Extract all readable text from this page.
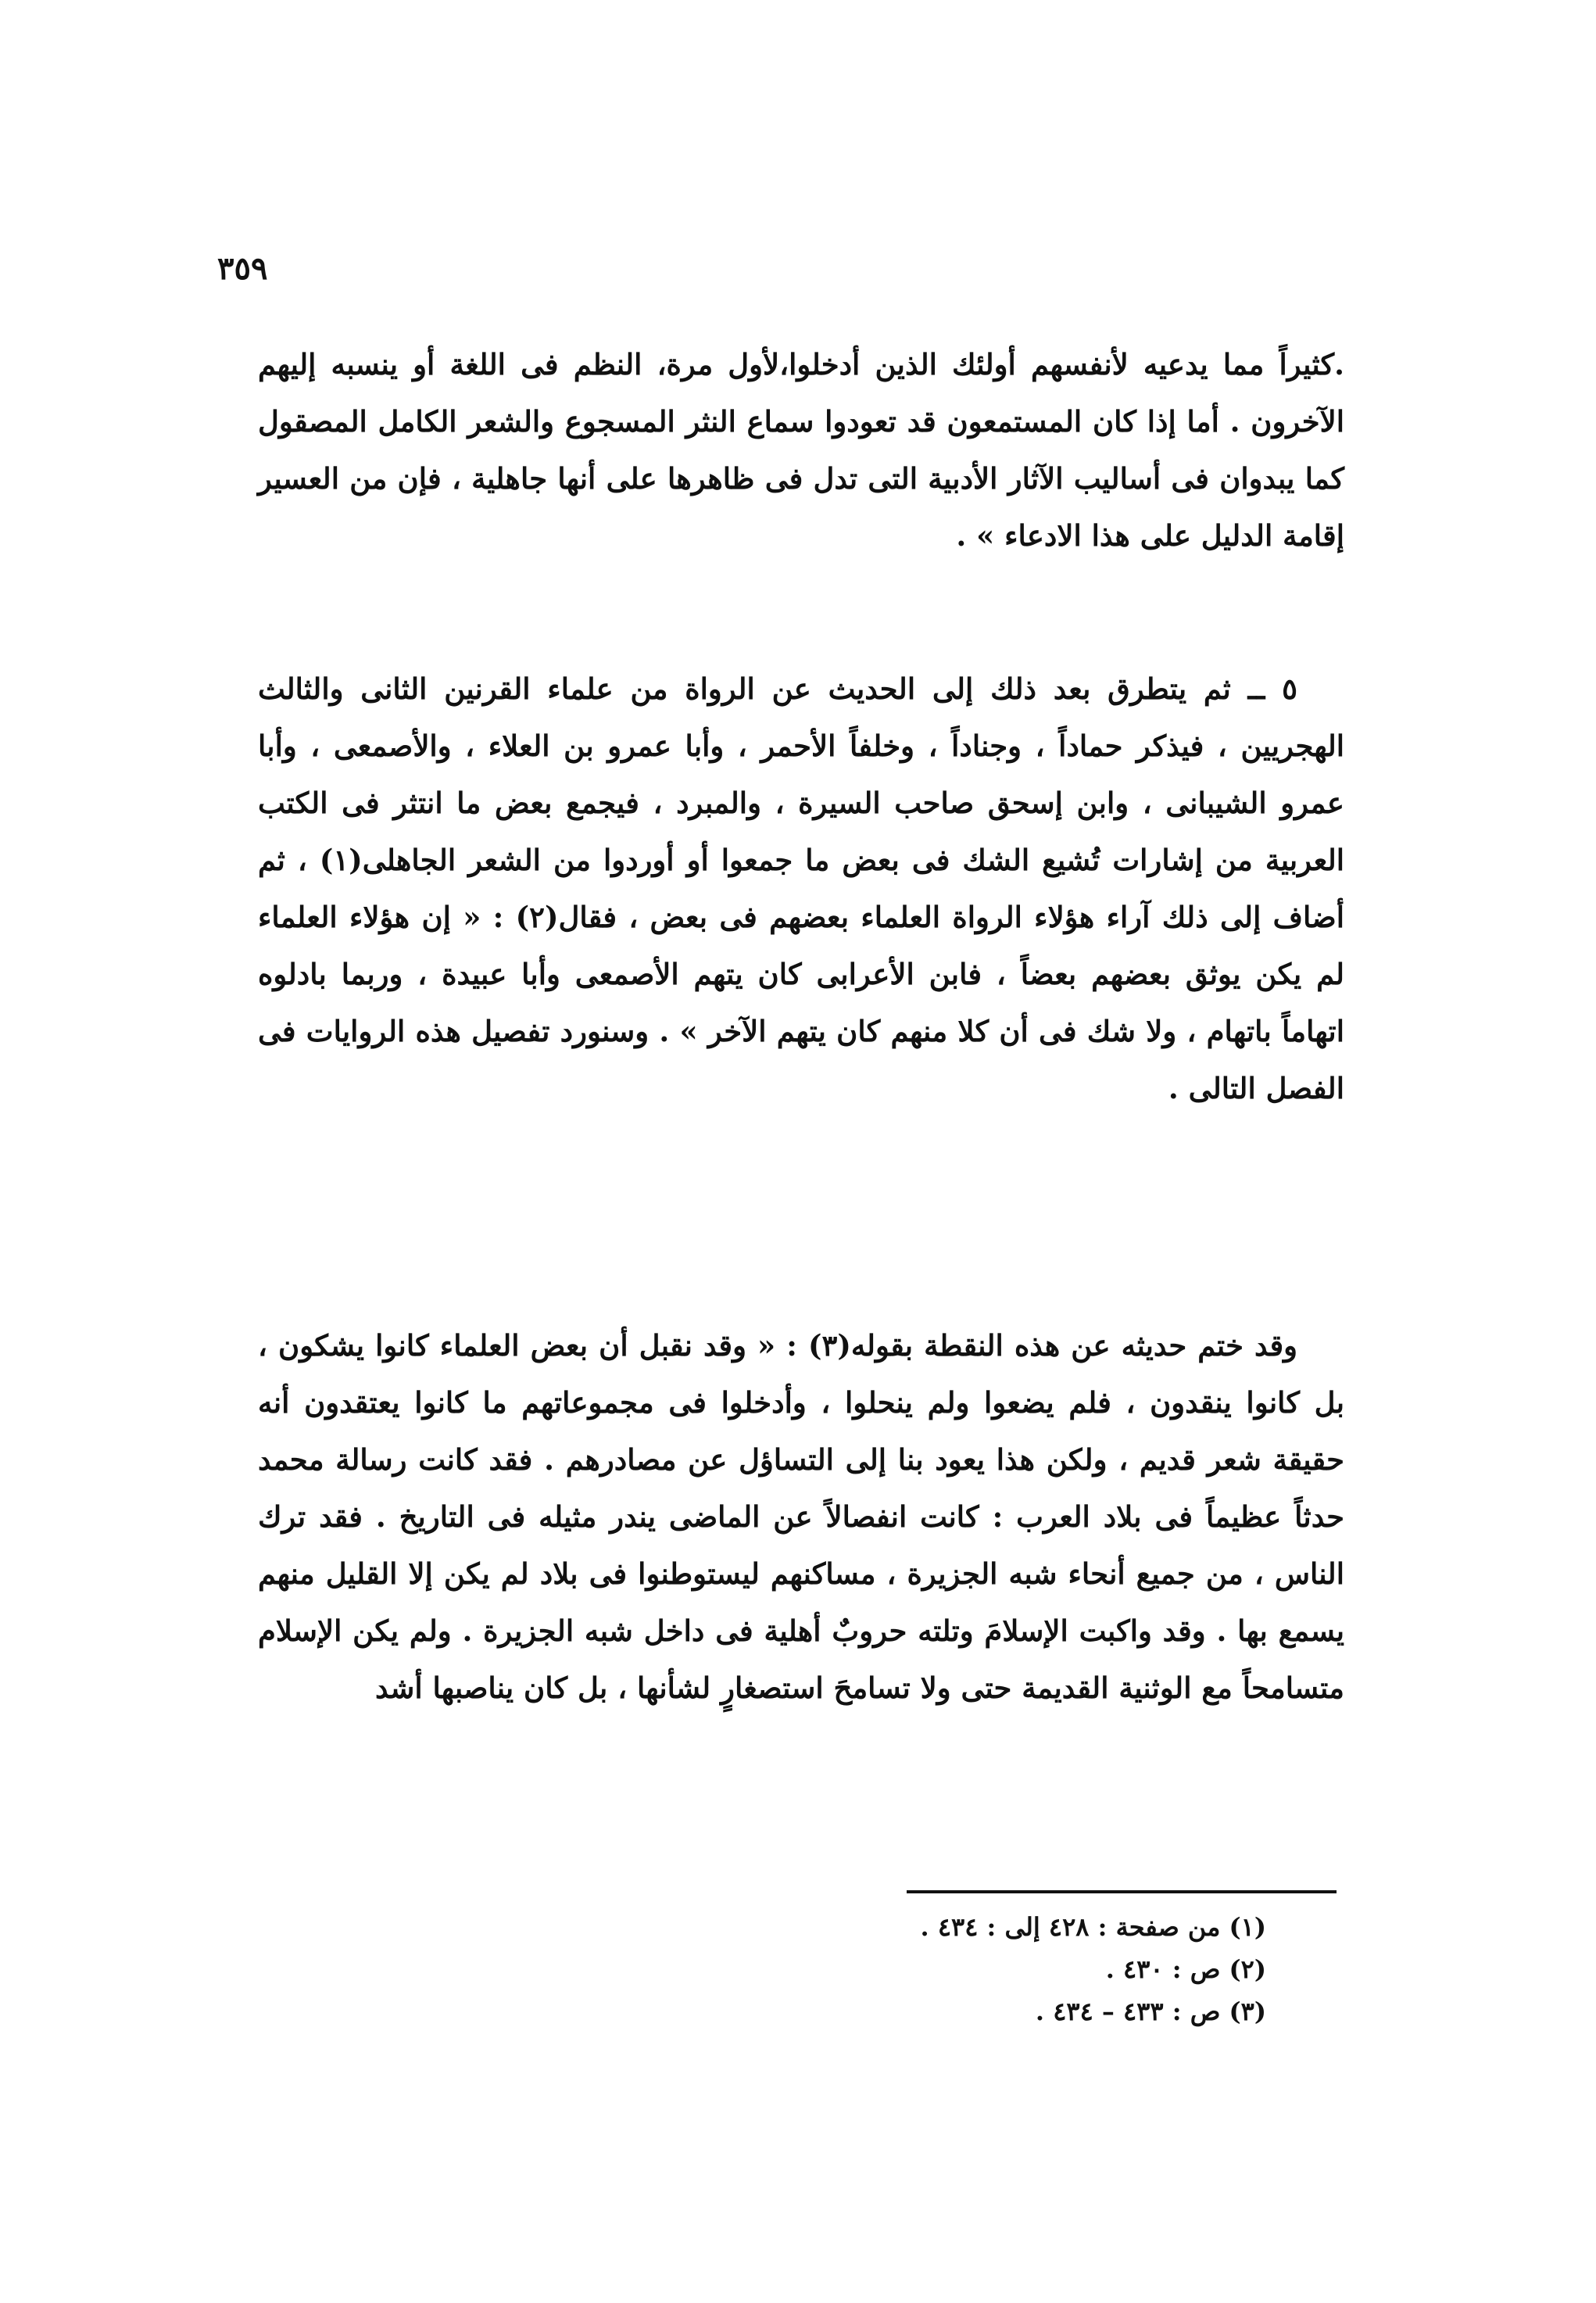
٣٥٩

.كثيراً مما يدعيه لأنفسهم أولئك الذين أدخلوا،لأول مرة، النظم فى اللغة أو ينسبه إليهم الآخرون . أما إذا كان المستمعون قد تعودوا سماع النثر المسجوع والشعر الكامل المصقول كما يبدوان فى أساليب الآثار الأدبية التى تدل فى ظاهرها على أنها جاهلية ، فإن من العسير إقامة الدليل على هذا الادعاء » .

٥ ــ ثم يتطرق بعد ذلك إلى الحديث عن الرواة من علماء القرنين الثانى والثالث الهجريين ، فيذكر حماداً ، وجناداً ، وخلفاً الأحمر ، وأبا عمرو بن العلاء ، والأصمعى ، وأبا عمرو الشيبانى ، وابن إسحق صاحب السيرة ، والمبرد ، فيجمع بعض ما انتثر فى الكتب العربية من إشارات تُشيع الشك فى بعض ما جمعوا أو أوردوا من الشعر الجاهلى(١) ، ثم أضاف إلى ذلك آراء هؤلاء الرواة العلماء بعضهم فى بعض ، فقال(٢) : « إن هؤلاء العلماء لم يكن يوثق بعضهم بعضاً ، فابن الأعرابى كان يتهم الأصمعى وأبا عبيدة ، وربما بادلوه اتهاماً باتهام ، ولا شك فى أن كلا منهم كان يتهم الآخر » . وسنورد تفصيل هذه الروايات فى الفصل التالى .

وقد ختم حديثه عن هذه النقطة بقوله(٣) : « وقد نقبل أن بعض العلماء كانوا يشكون ، بل كانوا ينقدون ، فلم يضعوا ولم ينحلوا ، وأدخلوا فى مجموعاتهم ما كانوا يعتقدون أنه حقيقة شعر قديم ، ولكن هذا يعود بنا إلى التساؤل عن مصادرهم . فقد كانت رسالة محمد حدثاً عظيماً فى بلاد العرب : كانت انفصالاً عن الماضى يندر مثيله فى التاريخ . فقد ترك الناس ، من جميع أنحاء شبه الجزيرة ، مساكنهم ليستوطنوا فى بلاد لم يكن إلا القليل منهم يسمع بها . وقد واكبت الإسلامَ وتلته حروبٌ أهلية فى داخل شبه الجزيرة . ولم يكن الإسلام متسامحاً مع الوثنية القديمة حتى ولا تسامحَ استصغارٍ لشأنها ، بل كان يناصبها أشد

(١) من صفحة : ٤٢٨ إلى : ٤٣٤ .
(٢) ص : ٤٣٠ .
(٣) ص : ٤٣٣ – ٤٣٤ .
